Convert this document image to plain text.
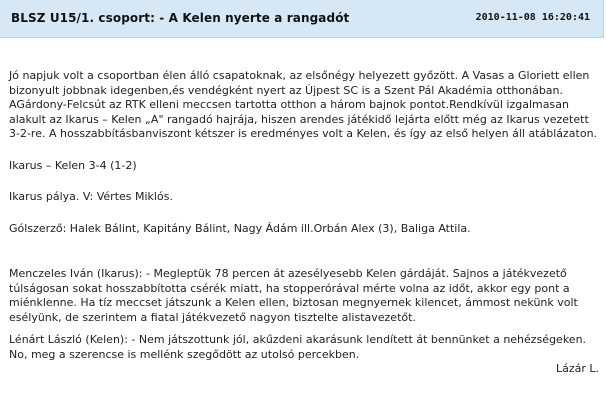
BLSZ U15/1. csoport: - A Kelen nyerte a rangadót	2010-11-08 16:20:41

Jó napjuk volt a csoportban élen álló csapatoknak, az elsőnégy helyezett győzött. A Vasas a Gloriett ellen bizonyult jobbnak idegenben,és vendégként nyert az Újpest SC is a Szent Pál Akadémia otthonában. AGárdony-Felcsút az RTK elleni meccsen tartotta otthon a három bajnok pontot.Rendkívül izgalmasan alakult az Ikarus – Kelen „A" rangadó hajrája, hiszen arendes játékidő lejárta előtt még az Ikarus vezetett 3-2-re. A hosszabbításbanviszont kétszer is eredményes volt a Kelen, és így az első helyen áll atáblázaton.

Ikarus – Kelen 3-4 (1-2)

Ikarus pálya. V: Vértes Miklós.

Gólszerző: Halek Bálint, Kapitány Bálint, Nagy Ádám ill.Orbán Alex (3), Baliga Attila.

Menczeles Iván (Ikarus): - Megleptük 78 percen át azesélyesebb Kelen gárdáját. Sajnos a játékvezető túlságosan sokat hosszabbította csérék miatt, ha stopperórával mérte volna az időt, akkor egy pont a miénklenne. Ha tíz meccset játszunk a Kelen ellen, biztosan megnyernek kilencet, ámmost nekünk volt esélyünk, de szerintem a fiatal játékvezető nagyon tisztelte alistavezetőt.

Lénárt László (Kelen): - Nem játszottunk jól, akűzdeni akarásunk lendített át bennünket a nehézségeken. No, meg a szerencse is mellénk szegődött az utolsó percekben.

Lázár L.
